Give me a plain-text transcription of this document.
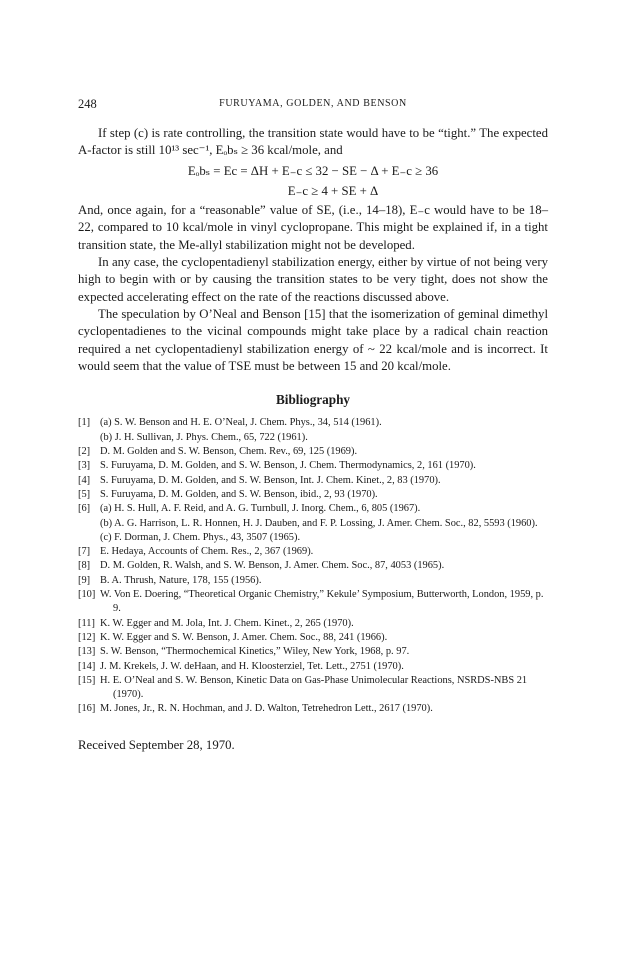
248	FURUYAMA, GOLDEN, AND BENSON

If step (c) is rate controlling, the transition state would have to be “tight.” The expected A-factor is still 10¹³ sec⁻¹, Eₒbₛ ≥ 36 kcal/mole, and

Eₒbₛ = Ec = ΔH + E₋c ≤ 32 − SE − Δ + E₋c ≥ 36
E₋c ≥ 4 + SE + Δ

And, once again, for a “reasonable” value of SE, (i.e., 14–18), E₋c would have to be 18–22, compared to 10 kcal/mole in vinyl cyclopropane. This might be explained if, in a tight transition state, the Me-allyl stabilization might not be developed.

In any case, the cyclopentadienyl stabilization energy, either by virtue of not being very high to begin with or by causing the transition states to be very tight, does not show the expected accelerating effect on the rate of the reactions discussed above.

The speculation by O’Neal and Benson [15] that the isomerization of geminal dimethyl cyclopentadienes to the vicinal compounds might take place by a radical chain reaction required a net cyclopentadienyl stabilization energy of ~ 22 kcal/mole and is incorrect. It would seem that the value of TSE must be between 15 and 20 kcal/mole.

Bibliography
[1] (a) S. W. Benson and H. E. O’Neal, J. Chem. Phys., 34, 514 (1961).
(b) J. H. Sullivan, J. Phys. Chem., 65, 722 (1961).
[2] D. M. Golden and S. W. Benson, Chem. Rev., 69, 125 (1969).
[3] S. Furuyama, D. M. Golden, and S. W. Benson, J. Chem. Thermodynamics, 2, 161 (1970).
[4] S. Furuyama, D. M. Golden, and S. W. Benson, Int. J. Chem. Kinet., 2, 83 (1970).
[5] S. Furuyama, D. M. Golden, and S. W. Benson, ibid., 2, 93 (1970).
[6] (a) H. S. Hull, A. F. Reid, and A. G. Turnbull, J. Inorg. Chem., 6, 805 (1967).
(b) A. G. Harrison, L. R. Honnen, H. J. Dauben, and F. P. Lossing, J. Amer. Chem. Soc., 82, 5593 (1960).
(c) F. Dorman, J. Chem. Phys., 43, 3507 (1965).
[7] E. Hedaya, Accounts of Chem. Res., 2, 367 (1969).
[8] D. M. Golden, R. Walsh, and S. W. Benson, J. Amer. Chem. Soc., 87, 4053 (1965).
[9] B. A. Thrush, Nature, 178, 155 (1956).
[10] W. Von E. Doering, “Theoretical Organic Chemistry,” Kekule’ Symposium, Butterworth, London, 1959, p. 9.
[11] K. W. Egger and M. Jola, Int. J. Chem. Kinet., 2, 265 (1970).
[12] K. W. Egger and S. W. Benson, J. Amer. Chem. Soc., 88, 241 (1966).
[13] S. W. Benson, “Thermochemical Kinetics,” Wiley, New York, 1968, p. 97.
[14] J. M. Krekels, J. W. deHaan, and H. Kloosterziel, Tet. Lett., 2751 (1970).
[15] H. E. O’Neal and S. W. Benson, Kinetic Data on Gas-Phase Unimolecular Reactions, NSRDS-NBS 21 (1970).
[16] M. Jones, Jr., R. N. Hochman, and J. D. Walton, Tetrehedron Lett., 2617 (1970).
Received September 28, 1970.
